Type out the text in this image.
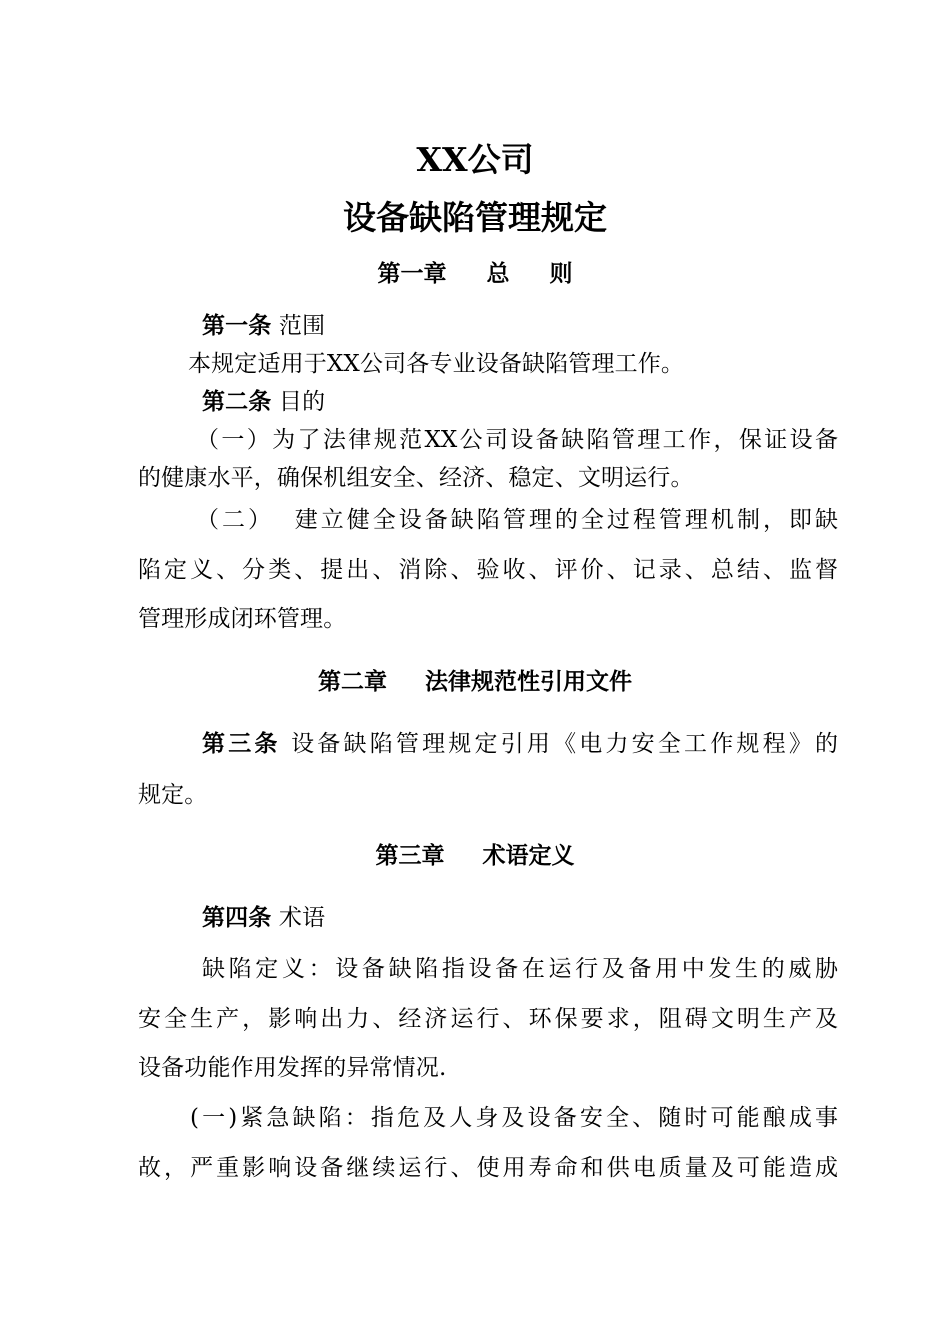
XX公司
设备缺陷管理规定
第一章 总 则

第一条 范围

本规定适用于XX公司各专业设备缺陷管理工作。

第二条 目的

（一）为了法律规范XX公司设备缺陷管理工作，保证设备

的健康水平，确保机组安全、经济、稳定、文明运行。

（二）  建立健全设备缺陷管理的全过程管理机制，即缺

陷定义、分类、提出、消除、验收、评价、记录、总结、监督

管理形成闭环管理。

第二章 法律规范性引用文件

第三条 设备缺陷管理规定引用《电力安全工作规程》的

规定。

第三章 术语定义

第四条 术语

缺陷定义：设备缺陷指设备在运行及备用中发生的威胁

安全生产，影响出力、经济运行、环保要求，阻碍文明生产及

设备功能作用发挥的异常情况.

(一)紧急缺陷：指危及人身及设备安全、随时可能酿成事

故，严重影响设备继续运行、使用寿命和供电质量及可能造成
